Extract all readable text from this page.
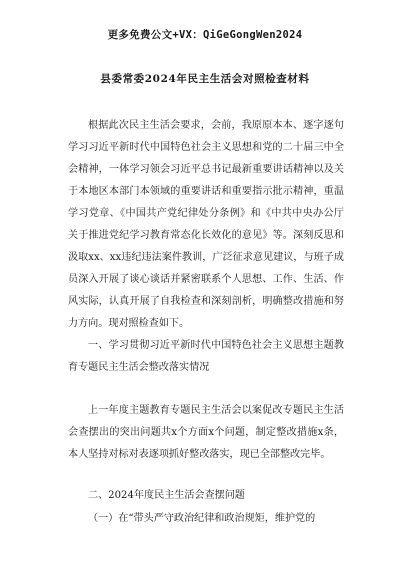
更多免费公文+VX：QiGeGongWen2024
县委常委2024年民主生活会对照检查材料

根据此次民主生活会要求，会前，我原原本本、逐字逐句学习习近平新时代中国特色社会主义思想和党的二十届三中全会精神，一体学习领会习近平总书记最新重要讲话精神以及关于本地区本部门本领域的重要讲话和重要指示批示精神，重温学习党章、《中国共产党纪律处分条例》和《中共中央办公厅关于推进党纪学习教育常态化长效化的意见》等。深刻反思和汲取xx、xx违纪违法案件教训，广泛征求意见建议，与班子成员深入开展了谈心谈话并紧密联系个人思想、工作、生活、作风实际，认真开展了自我检查和深刻剖析，明确整改措施和努力方向。现对照检查如下。

一、学习贯彻习近平新时代中国特色社会主义思想主题教育专题民主生活会整改落实情况

上一年度主题教育专题民主生活会以案促改专题民主生活会查摆出的突出问题共x个方面x个问题，制定整改措施x条，本人坚持对标对表逐项抓好整改落实，现已全部整改完毕。

二、2024年度民主生活会查摆问题

（一）在“带头严守政治纪律和政治规矩，维护党的
